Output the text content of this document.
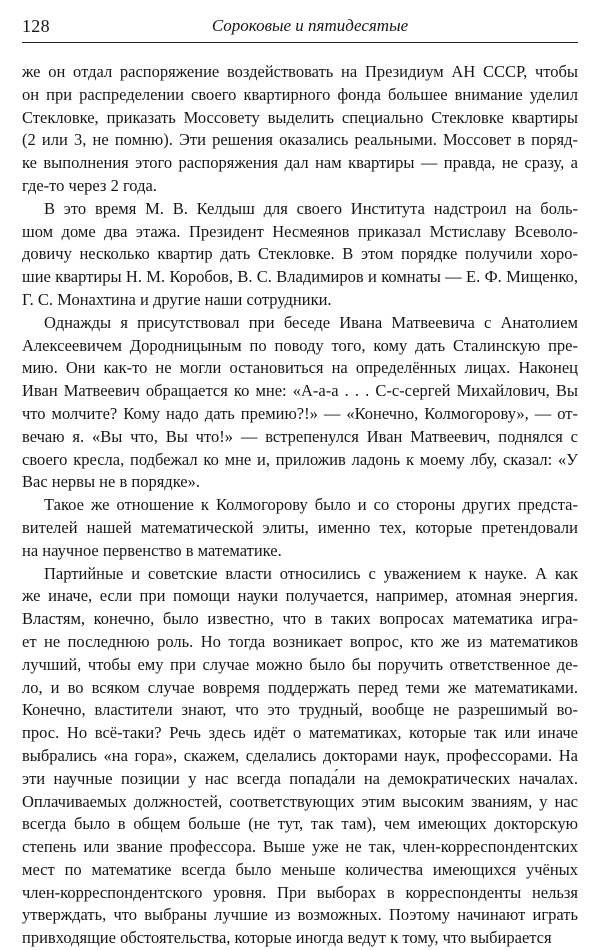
128	Сороковые и пятидесятые
же он отдал распоряжение воздействовать на Президиум АН СССР, чтобы
он при распределении своего квартирного фонда большее внимание уделил
Стекловке, приказать Моссовету выделить специально Стекловке квартиры
(2 или 3, не помню). Эти решения оказались реальными. Моссовет в поряд-
ке выполнения этого распоряжения дал нам квартиры — правда, не сразу, а
где-то через 2 года.
В это время М. В. Келдыш для своего Института надстроил на боль-
шом доме два этажа. Президент Несмеянов приказал Мстиславу Всеволо-
довичу несколько квартир дать Стекловке. В этом порядке получили хоро-
шие квартиры Н. М. Коробов, В. С. Владимиров и комнаты — Е. Ф. Мищенко,
Г. С. Монахтина и другие наши сотрудники.
Однажды я присутствовал при беседе Ивана Матвеевича с Анатолием
Алексеевичем Дородницыным по поводу того, кому дать Сталинскую пре-
мию. Они как-то не могли остановиться на определённых лицах. Наконец
Иван Матвеевич обращается ко мне: «А-а-а . . . С-с-сергей Михайлович, Вы
что молчите? Кому надо дать премию?!» — «Конечно, Колмогорову», — от-
вечаю я. «Вы что, Вы что!» — встрепенулся Иван Матвеевич, поднялся с
своего кресла, подбежал ко мне и, приложив ладонь к моему лбу, сказал: «У
Вас нервы не в порядке».
Такое же отношение к Колмогорову было и со стороны других предста-
вителей нашей математической элиты, именно тех, которые претендовали
на научное первенство в математике.
Партийные и советские власти относились с уважением к науке. А как
же иначе, если при помощи науки получается, например, атомная энергия.
Властям, конечно, было известно, что в таких вопросах математика игра-
ет не последнюю роль. Но тогда возникает вопрос, кто же из математиков
лучший, чтобы ему при случае можно было бы поручить ответственное де-
ло, и во всяком случае вовремя поддержать перед теми же математиками.
Конечно, властители знают, что это трудный, вообще не разрешимый во-
прос. Но всё-таки? Речь здесь идёт о математиках, которые так или иначе
выбрались «на гора», скажем, сделались докторами наук, профессорами. На
эти научные позиции у нас всегда попада́ли на демократических началах.
Оплачиваемых должностей, соответствующих этим высоким званиям, у нас
всегда было в общем больше (не тут, так там), чем имеющих докторскую
степень или звание профессора. Выше уже не так, член-корреспондентских
мест по математике всегда было меньше количества имеющихся учёных
член-корреспондентского уровня. При выборах в корреспонденты нельзя
утверждать, что выбраны лучшие из возможных. Поэтому начинают играть
привходящие обстоятельства, которые иногда ведут к тому, что выбирается
